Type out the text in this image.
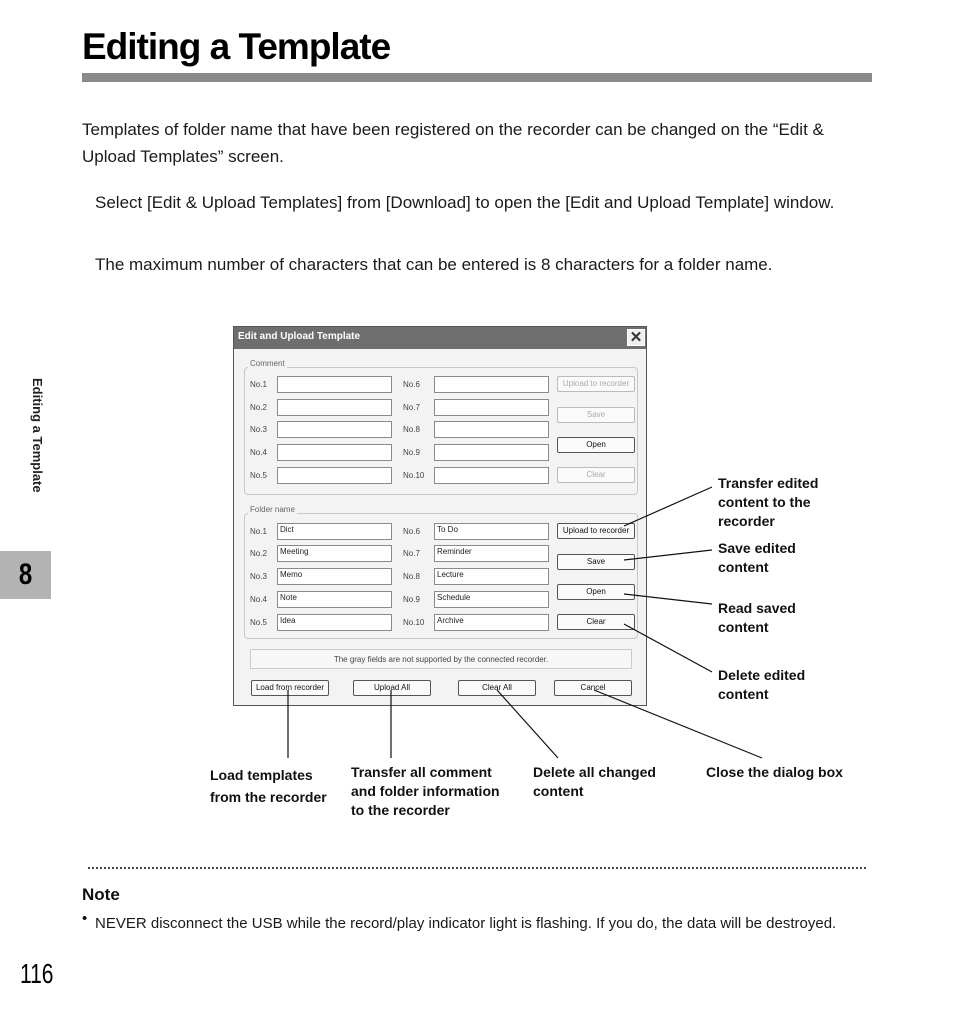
Editing a Template
Templates of folder name that have been registered on the recorder can be changed on the “Edit & Upload Templates” screen.
Select [Edit & Upload Templates] from [Download] to open the [Edit and Upload Template] window.
The maximum number of characters that can be entered is 8 characters for a folder name.
Editing a Template
8
Edit and Upload Template	✕
Comment
No.1
No.2
No.3
No.4
No.5
No.6
No.7
No.8
No.9
No.10
Upload to recorder
Save
Open
Clear
Folder name
No.1
No.2
No.3
No.4
No.5
Dict
Meeting
Memo
Note
Idea
No.6
No.7
No.8
No.9
No.10
To Do
Reminder
Lecture
Schedule
Archive
Upload to recorder
Save
Open
Clear
The gray fields are not supported by the connected recorder.
Load from recorder	Upload All	Clear All	Cancel
Transfer edited
content to the
recorder
Save edited
content
Read saved
content
Delete edited
content
Load templates
from the recorder
Transfer all comment
and folder information
to the recorder
Delete all changed
content
Close the dialog box
Note
• NEVER disconnect the USB while the record/play indicator light is flashing. If you do, the data will be destroyed.
116
